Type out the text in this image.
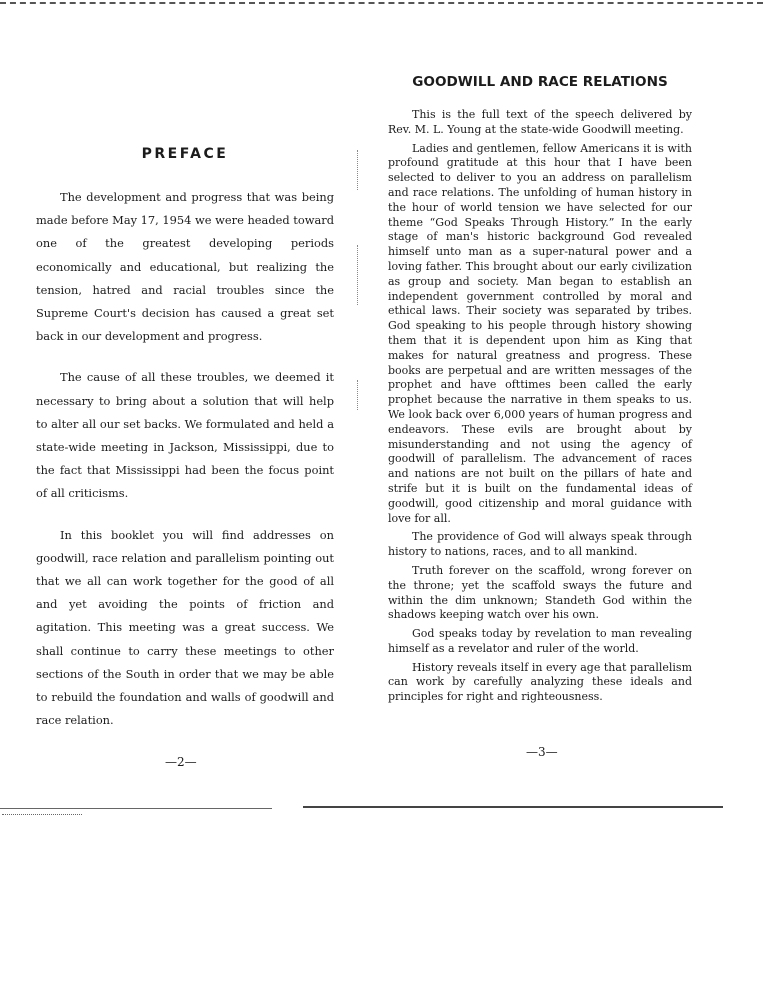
PREFACE

The development and progress that was being made before May 17, 1954 we were headed toward one of the greatest developing periods economically and educational, but realizing the tension, hatred and racial troubles since the Supreme Court's decision has caused a great set back in our development and progress.

The cause of all these troubles, we deemed it necessary to bring about a solution that will help to alter all our set backs. We formulated and held a state-wide meeting in Jackson, Mississippi, due to the fact that Mississippi had been the focus point of all criticisms.

In this booklet you will find addresses on goodwill, race relation and parallelism pointing out that we all can work together for the good of all and yet avoiding the points of friction and agitation. This meeting was a great success. We shall continue to carry these meetings to other sections of the South in order that we may be able to rebuild the foundation and walls of goodwill and race relation.

—2—
GOODWILL AND RACE RELATIONS

This is the full text of the speech delivered by Rev. M. L. Young at the state-wide Goodwill meeting.

Ladies and gentlemen, fellow Americans it is with profound gratitude at this hour that I have been selected to deliver to you an address on parallelism and race relations. The unfolding of human history in the hour of world tension we have selected for our theme “God Speaks Through History.” In the early stage of man's historic background God revealed himself unto man as a super-natural power and a loving father. This brought about our early civilization as group and society. Man began to establish an independent government controlled by moral and ethical laws. Their society was separated by tribes. God speaking to his people through history showing them that it is dependent upon him as King that makes for natural greatness and progress. These books are perpetual and are written messages of the prophet and have ofttimes been called the early prophet because the narrative in them speaks to us. We look back over 6,000 years of human progress and endeavors. These evils are brought about by misunderstanding and not using the agency of goodwill of parallelism. The advancement of races and nations are not built on the pillars of hate and strife but it is built on the fundamental ideas of goodwill, good citizenship and moral guidance with love for all.

The providence of God will always speak through history to nations, races, and to all mankind.

Truth forever on the scaffold, wrong forever on the throne; yet the scaffold sways the future and within the dim unknown; Standeth God within the shadows keeping watch over his own.

God speaks today by revelation to man revealing himself as a revelator and ruler of the world.

History reveals itself in every age that parallelism can work by carefully analyzing these ideals and principles for right and righteousness.

—3—
